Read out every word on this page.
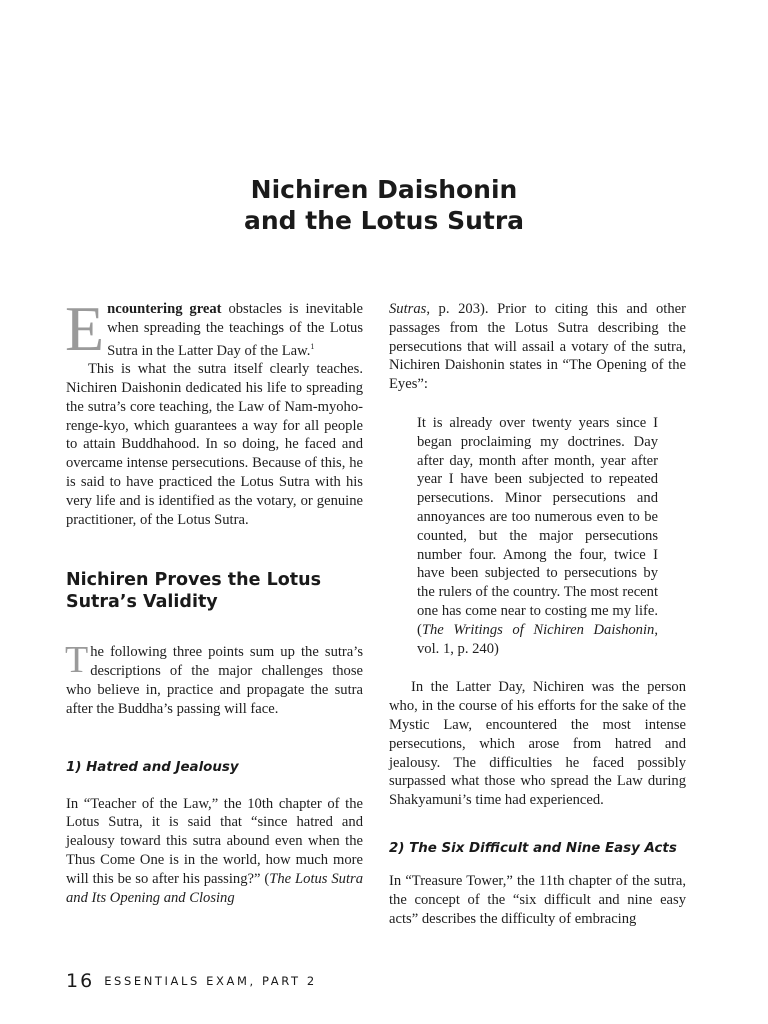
Nichiren Daishonin
and the Lotus Sutra

Encountering great obstacles is inevitable when spreading the teachings of the Lotus Sutra in the Latter Day of the Law.$^1$

This is what the sutra itself clearly teaches. Nichiren Daishonin dedicated his life to spreading the sutra’s core teaching, the Law of Nam-myoho-renge-kyo, which guarantees a way for all people to attain Buddhahood. In so doing, he faced and overcame intense persecutions. Because of this, he is said to have practiced the Lotus Sutra with his very life and is identified as the votary, or genuine practitioner, of the Lotus Sutra.

Nichiren Proves the Lotus Sutra’s Validity

The following three points sum up the sutra’s descriptions of the major challenges those who believe in, practice and propagate the sutra after the Buddha’s passing will face.

1) Hatred and Jealousy

In “Teacher of the Law,” the 10th chapter of the Lotus Sutra, it is said that “since hatred and jealousy toward this sutra abound even when the Thus Come One is in the world, how much more will this be so after his passing?” (The Lotus Sutra and Its Opening and Closing

Sutras, p. 203). Prior to citing this and other passages from the Lotus Sutra describing the persecutions that will assail a votary of the sutra, Nichiren Daishonin states in “The Opening of the Eyes”:

It is already over twenty years since I began proclaiming my doctrines. Day after day, month after month, year after year I have been subjected to repeated persecutions. Minor persecutions and annoyances are too numerous even to be counted, but the major persecutions number four. Among the four, twice I have been subjected to persecutions by the rulers of the country. The most recent one has come near to costing me my life. (The Writings of Nichiren Daishonin, vol. 1, p. 240)

In the Latter Day, Nichiren was the person who, in the course of his efforts for the sake of the Mystic Law, encountered the most intense persecutions, which arose from hatred and jealousy. The difficulties he faced possibly surpassed what those who spread the Law during Shakyamuni’s time had experienced.

2) The Six Difficult and Nine Easy Acts

In “Treasure Tower,” the 11th chapter of the sutra, the concept of the “six difficult and nine easy acts” describes the difficulty of embracing

16 ESSENTIALS EXAM, PART 2
